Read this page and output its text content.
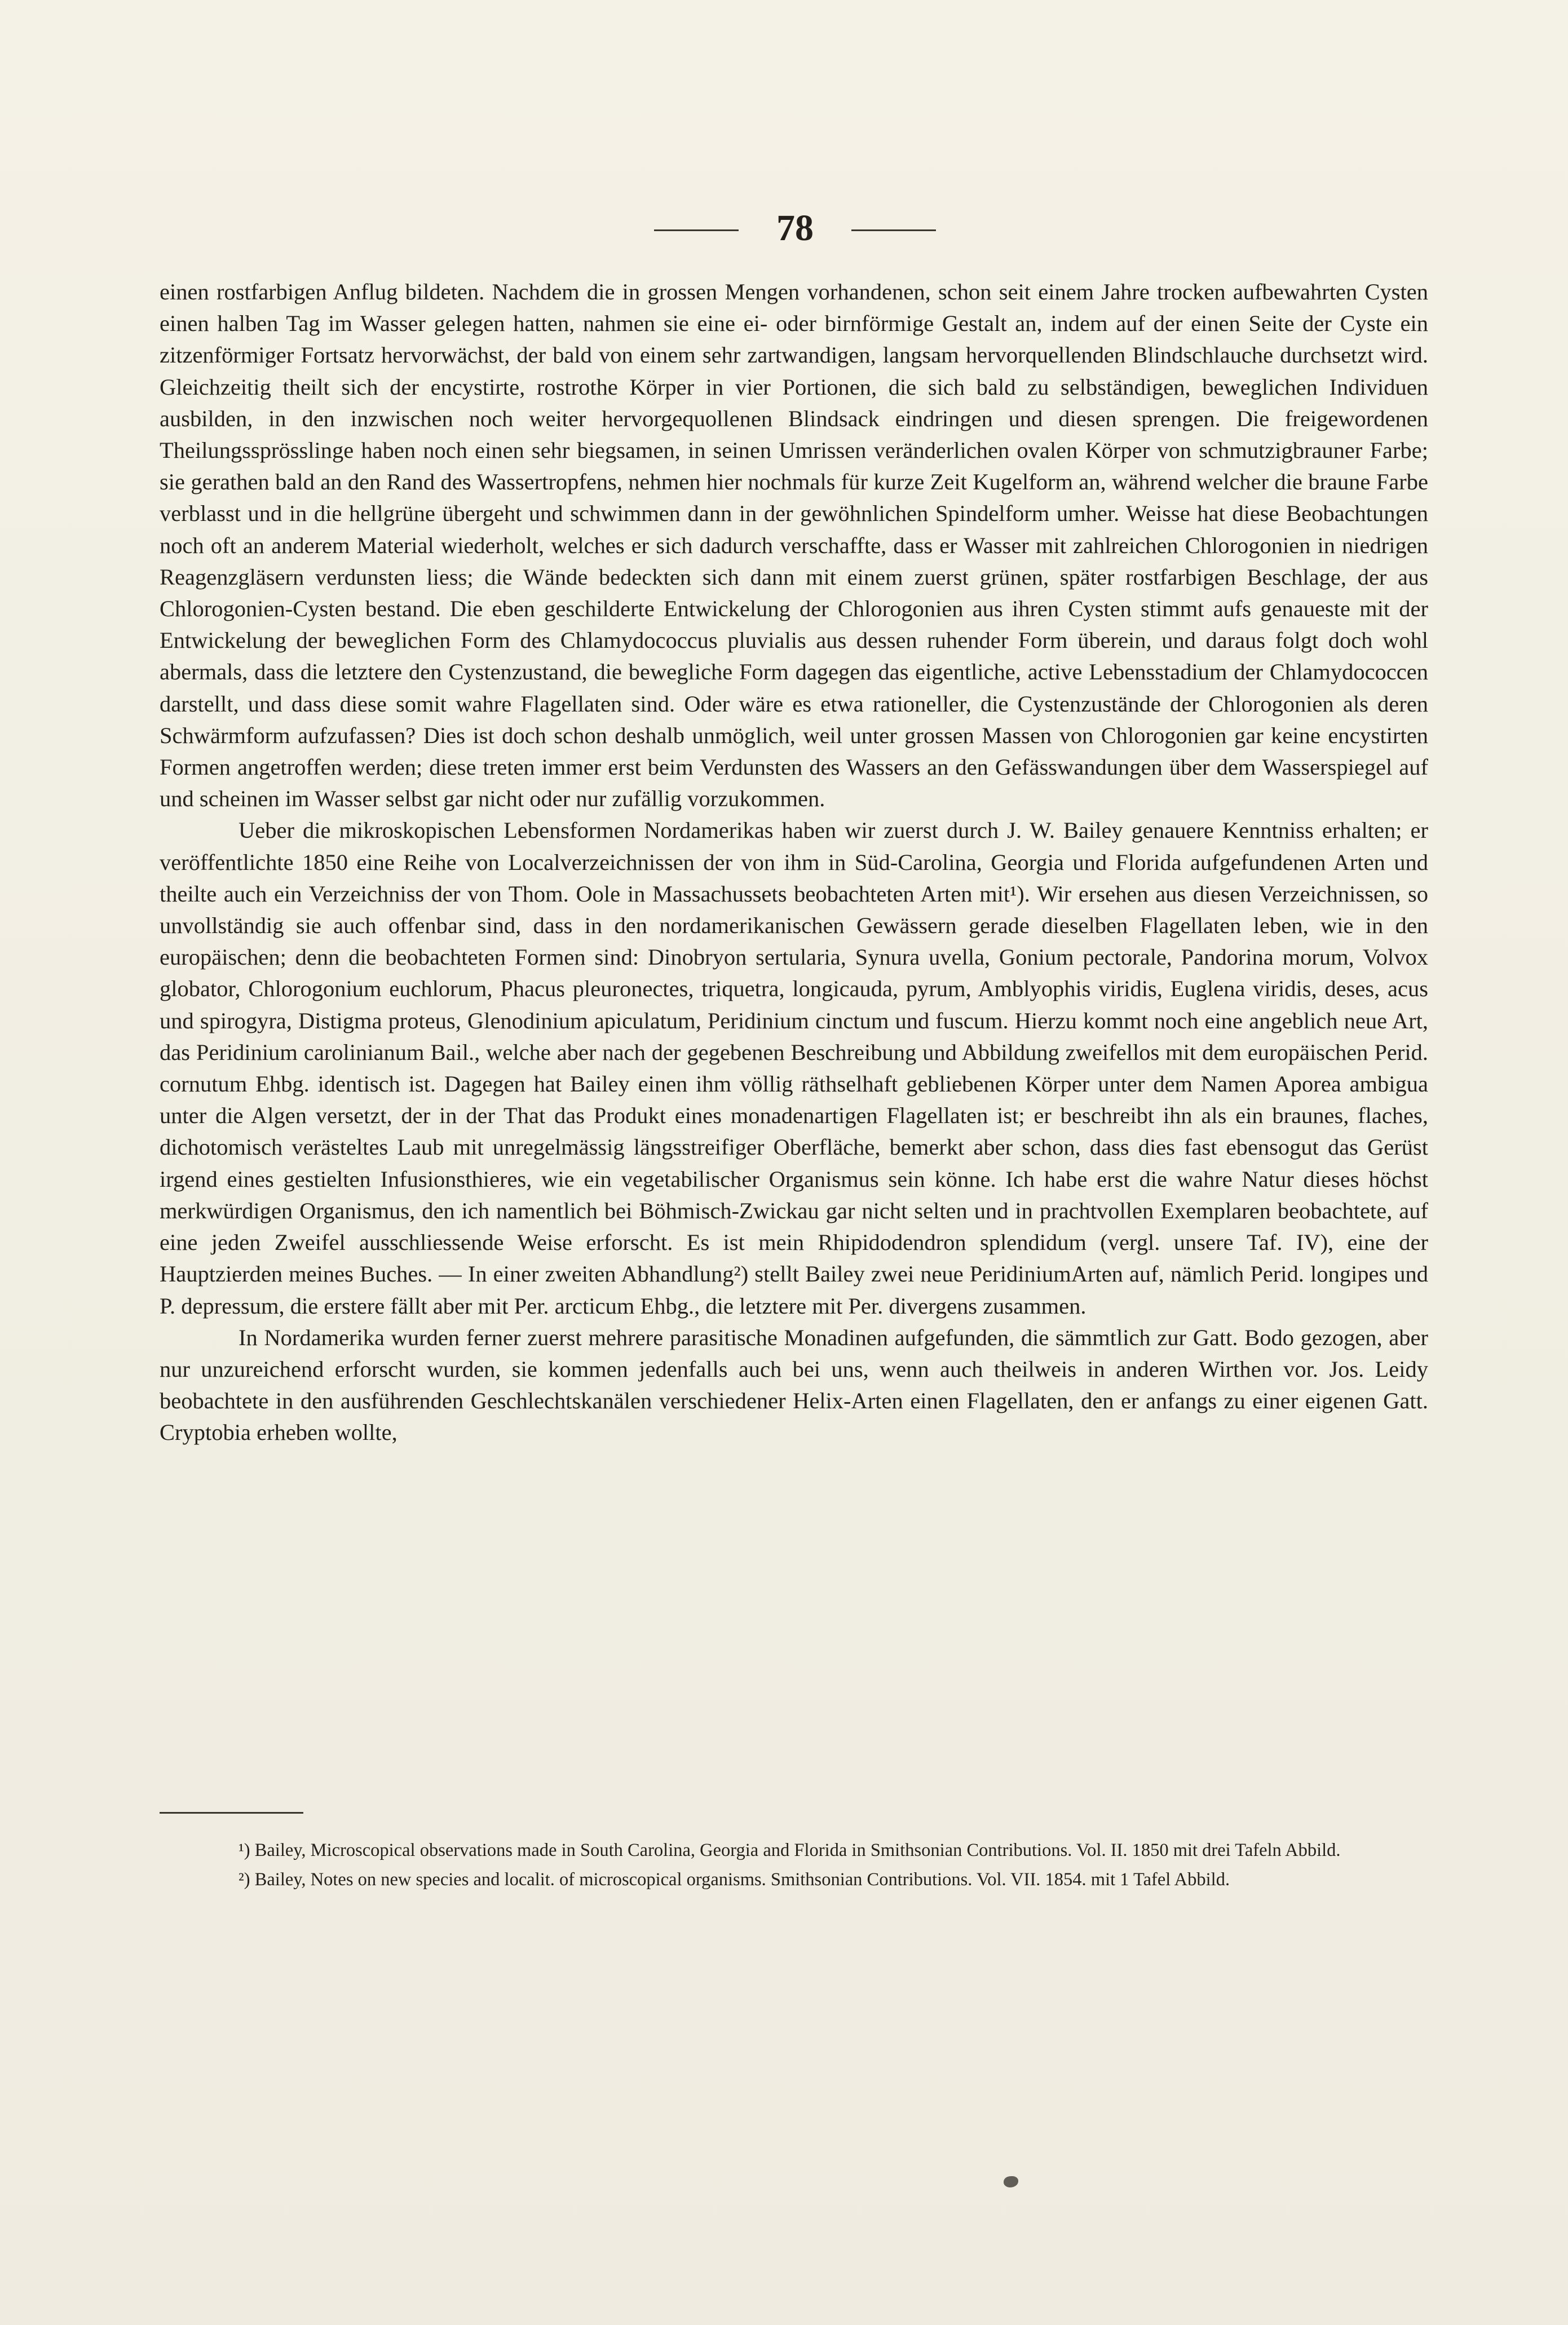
78

einen rostfarbigen Anflug bildeten. Nachdem die in grossen Mengen vorhandenen, schon seit einem Jahre trocken aufbewahrten Cysten einen halben Tag im Wasser gelegen hatten, nahmen sie eine ei- oder birnförmige Gestalt an, indem auf der einen Seite der Cyste ein zitzenförmiger Fortsatz hervorwächst, der bald von einem sehr zartwandigen, langsam hervorquellenden Blindschlauche durchsetzt wird. Gleichzeitig theilt sich der encystirte, rostrothe Körper in vier Portionen, die sich bald zu selbständigen, beweglichen Individuen ausbilden, in den inzwischen noch weiter hervorgequollenen Blindsack eindringen und diesen sprengen. Die freigewordenen Theilungssprösslinge haben noch einen sehr biegsamen, in seinen Umrissen veränderlichen ovalen Körper von schmutzigbrauner Farbe; sie gerathen bald an den Rand des Wassertropfens, nehmen hier nochmals für kurze Zeit Kugelform an, während welcher die braune Farbe verblasst und in die hellgrüne übergeht und schwimmen dann in der gewöhnlichen Spindelform umher. Weisse hat diese Beobachtungen noch oft an anderem Material wiederholt, welches er sich dadurch verschaffte, dass er Wasser mit zahlreichen Chlorogonien in niedrigen Reagenzgläsern verdunsten liess; die Wände bedeckten sich dann mit einem zuerst grünen, später rostfarbigen Beschlage, der aus Chlorogonien-Cysten bestand. Die eben geschilderte Entwickelung der Chlorogonien aus ihren Cysten stimmt aufs genaueste mit der Entwickelung der beweglichen Form des Chlamydococcus pluvialis aus dessen ruhender Form überein, und daraus folgt doch wohl abermals, dass die letztere den Cystenzustand, die bewegliche Form dagegen das eigentliche, active Lebensstadium der Chlamydococcen darstellt, und dass diese somit wahre Flagellaten sind. Oder wäre es etwa rationeller, die Cystenzustände der Chlorogonien als deren Schwärmform aufzufassen? Dies ist doch schon deshalb unmöglich, weil unter grossen Massen von Chlorogonien gar keine encystirten Formen angetroffen werden; diese treten immer erst beim Verdunsten des Wassers an den Gefässwandungen über dem Wasserspiegel auf und scheinen im Wasser selbst gar nicht oder nur zufällig vorzukommen.

Ueber die mikroskopischen Lebensformen Nordamerikas haben wir zuerst durch J. W. Bailey genauere Kenntniss erhalten; er veröffentlichte 1850 eine Reihe von Localverzeichnissen der von ihm in Süd-Carolina, Georgia und Florida aufgefundenen Arten und theilte auch ein Verzeichniss der von Thom. Oole in Massachussets beobachteten Arten mit¹). Wir ersehen aus diesen Verzeichnissen, so unvollständig sie auch offenbar sind, dass in den nordamerikanischen Gewässern gerade dieselben Flagellaten leben, wie in den europäischen; denn die beobachteten Formen sind: Dinobryon sertularia, Synura uvella, Gonium pectorale, Pandorina morum, Volvox globator, Chlorogonium euchlorum, Phacus pleuronectes, triquetra, longicauda, pyrum, Amblyophis viridis, Euglena viridis, deses, acus und spirogyra, Distigma proteus, Glenodinium apiculatum, Peridinium cinctum und fuscum. Hierzu kommt noch eine angeblich neue Art, das Peridinium carolinianum Bail., welche aber nach der gegebenen Beschreibung und Abbildung zweifellos mit dem europäischen Perid. cornutum Ehbg. identisch ist. Dagegen hat Bailey einen ihm völlig räthselhaft gebliebenen Körper unter dem Namen Aporea ambigua unter die Algen versetzt, der in der That das Produkt eines monadenartigen Flagellaten ist; er beschreibt ihn als ein braunes, flaches, dichotomisch verästeltes Laub mit unregelmässig längsstreifiger Oberfläche, bemerkt aber schon, dass dies fast ebensogut das Gerüst irgend eines gestielten Infusionsthieres, wie ein vegetabilischer Organismus sein könne. Ich habe erst die wahre Natur dieses höchst merkwürdigen Organismus, den ich namentlich bei Böhmisch-Zwickau gar nicht selten und in prachtvollen Exemplaren beobachtete, auf eine jeden Zweifel ausschliessende Weise erforscht. Es ist mein Rhipidodendron splendidum (vergl. unsere Taf. IV), eine der Hauptzierden meines Buches. — In einer zweiten Abhandlung²) stellt Bailey zwei neue PeridiniumArten auf, nämlich Perid. longipes und P. depressum, die erstere fällt aber mit Per. arcticum Ehbg., die letztere mit Per. divergens zusammen.

In Nordamerika wurden ferner zuerst mehrere parasitische Monadinen aufgefunden, die sämmtlich zur Gatt. Bodo gezogen, aber nur unzureichend erforscht wurden, sie kommen jedenfalls auch bei uns, wenn auch theilweis in anderen Wirthen vor. Jos. Leidy beobachtete in den ausführenden Geschlechtskanälen verschiedener Helix-Arten einen Flagellaten, den er anfangs zu einer eigenen Gatt. Cryptobia erheben wollte,

¹) Bailey, Microscopical observations made in South Carolina, Georgia and Florida in Smithsonian Contributions. Vol. II. 1850 mit drei Tafeln Abbild.

²) Bailey, Notes on new species and localit. of microscopical organisms. Smithsonian Contributions. Vol. VII. 1854. mit 1 Tafel Abbild.
